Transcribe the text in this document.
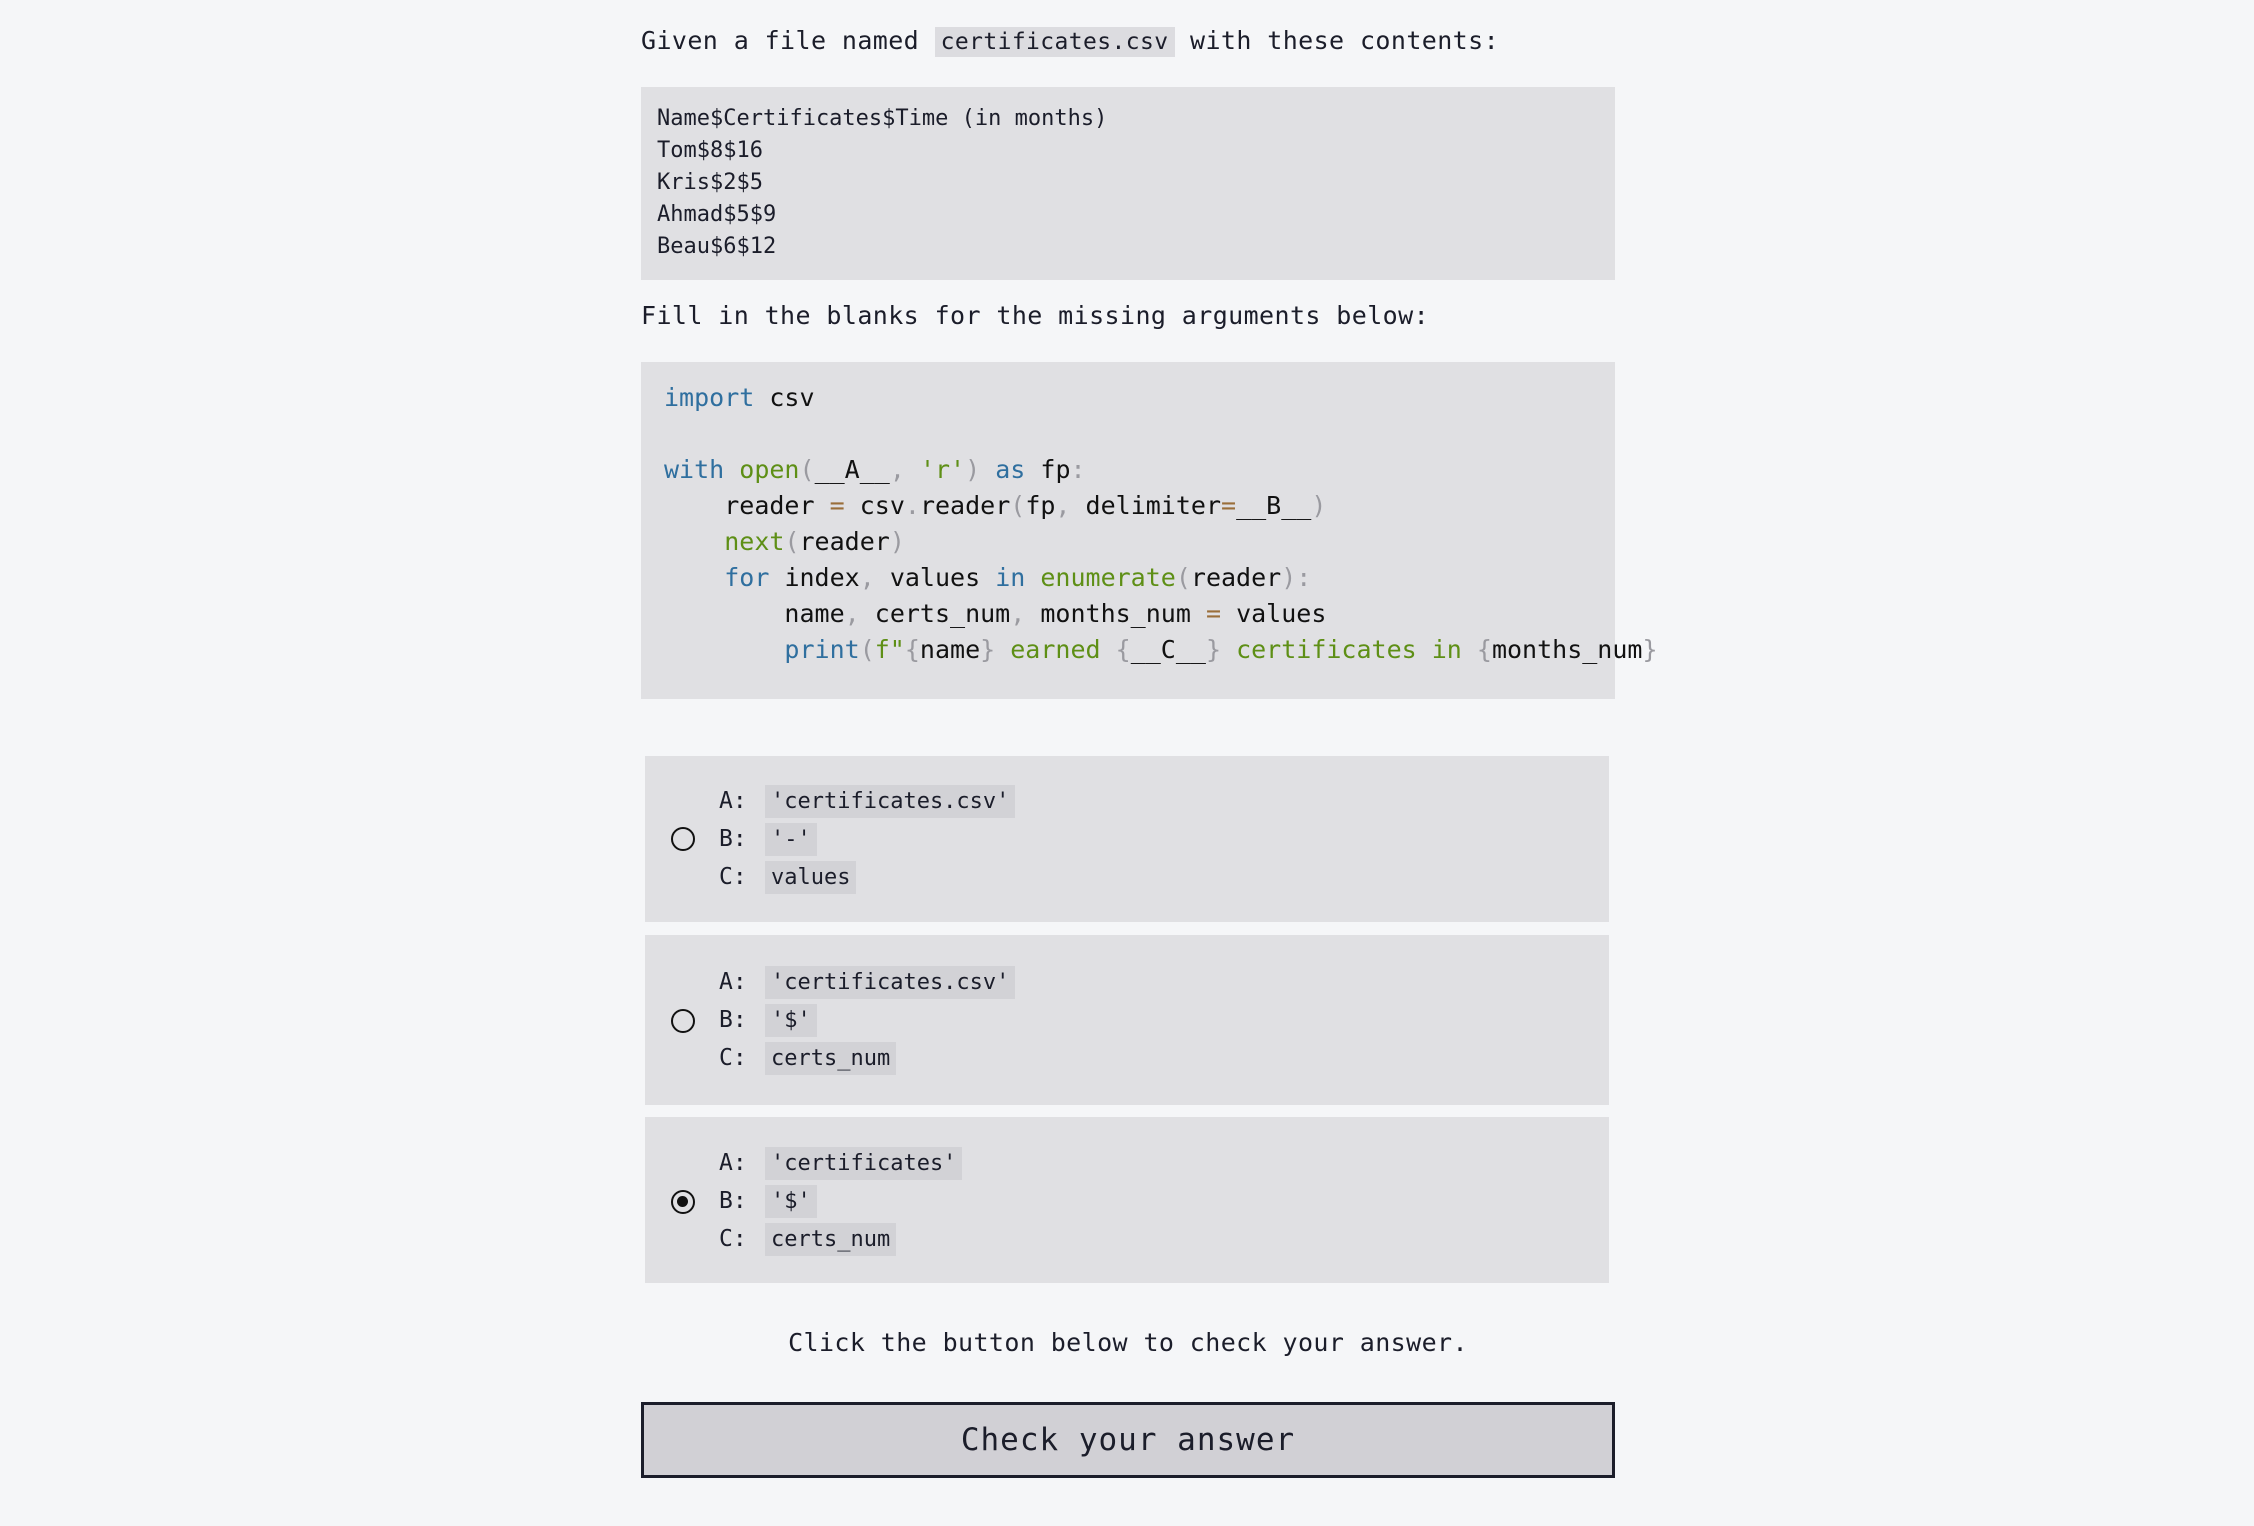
Given a file named certificates.csv with these contents:

Name$Certificates$Time (in months)
Tom$8$16
Kris$2$5
Ahmad$5$9
Beau$6$12

Fill in the blanks for the missing arguments below:

import csv

with open(__A__, 'r') as fp:
reader = csv.reader(fp, delimiter=__B__)
next(reader)
for index, values in enumerate(reader):
name, certs_num, months_num = values
print(f"{name} earned {__C__} certificates in {months_num}
A: 'certificates.csv'
B: '-'
C: values
A: 'certificates.csv'
B: '$'
C: certs_num
A: 'certificates'
B: '$'
C: certs_num
Click the button below to check your answer.
Check your answer
